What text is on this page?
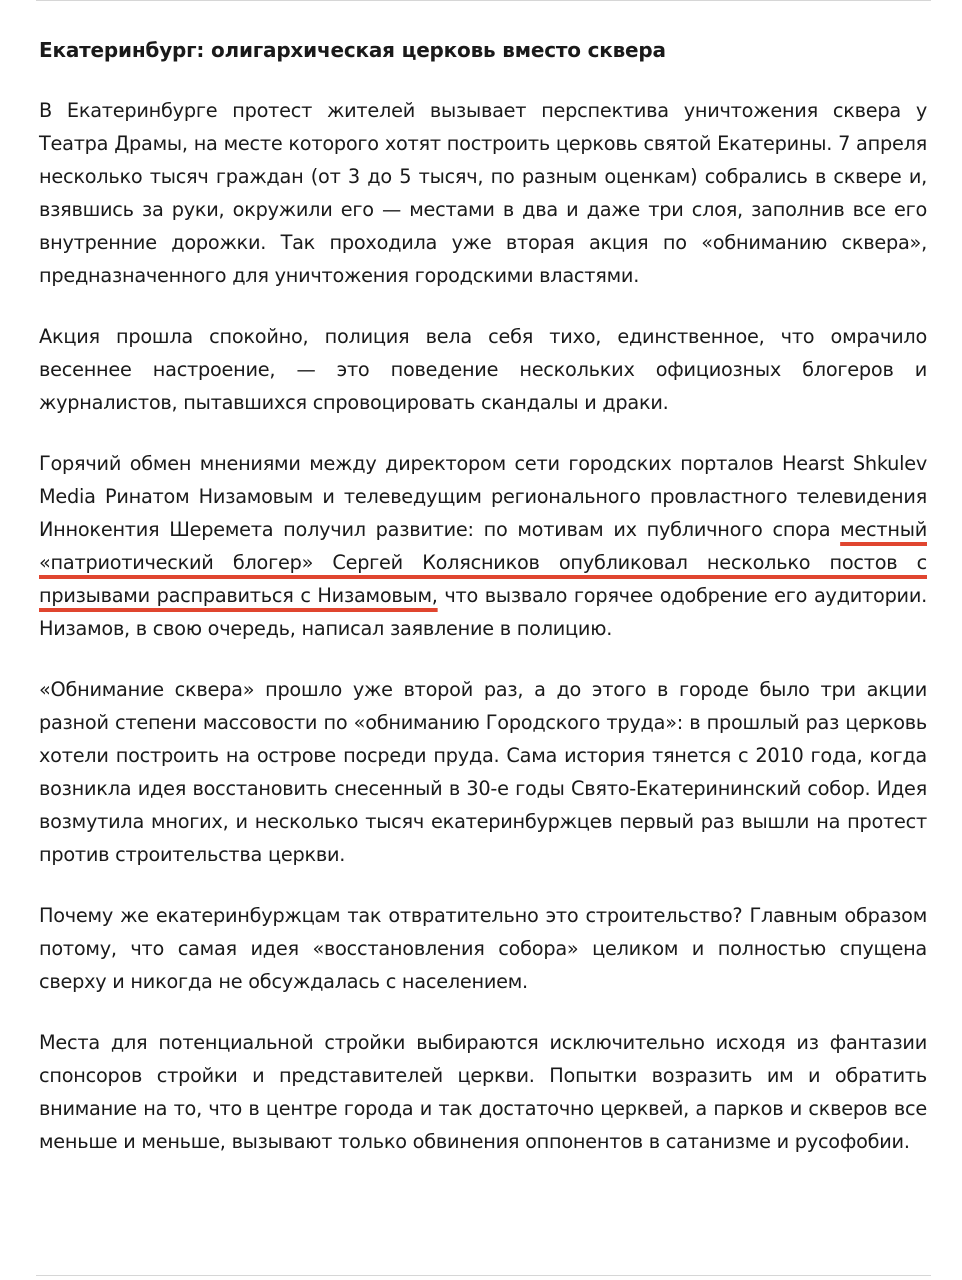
Екатеринбург: олигархическая церковь вместо сквера

В Екатеринбурге протест жителей вызывает перспектива уничтожения сквера у Театра Драмы, на месте которого хотят построить церковь святой Екатерины. 7 апреля несколько тысяч граждан (от 3 до 5 тысяч, по разным оценкам) собрались в сквере и, взявшись за руки, окружили его — местами в два и даже три слоя, заполнив все его внутренние дорожки. Так проходила уже вторая акция по «обниманию сквера», предназначенного для уничтожения городскими властями.

Акция прошла спокойно, полиция вела себя тихо, единственное, что омрачило весеннее настроение, — это поведение нескольких официозных блогеров и журналистов, пытавшихся спровоцировать скандалы и драки.

Горячий обмен мнениями между директором сети городских порталов Hearst Shkulev Media Ринатом Низамовым и телеведущим регионального провластного телевидения Иннокентия Шеремета получил развитие: по мотивам их публичного спора местный «патриотический блогер» Сергей Колясников опубликовал несколько постов с призывами расправиться с Низамовым, что вызвало горячее одобрение его аудитории. Низамов, в свою очередь, написал заявление в полицию.

«Обнимание сквера» прошло уже второй раз, а до этого в городе было три акции разной степени массовости по «обниманию Городского труда»: в прошлый раз церковь хотели построить на острове посреди пруда. Сама история тянется с 2010 года, когда возникла идея восстановить снесенный в 30-е годы Свято-Екатерининский собор. Идея возмутила многих, и несколько тысяч екатеринбуржцев первый раз вышли на протест против строительства церкви.

Почему же екатеринбуржцам так отвратительно это строительство? Главным образом потому, что самая идея «восстановления собора» целиком и полностью спущена сверху и никогда не обсуждалась с населением.

Места для потенциальной стройки выбираются исключительно исходя из фантазии спонсоров стройки и представителей церкви. Попытки возразить им и обратить внимание на то, что в центре города и так достаточно церквей, а парков и скверов все меньше и меньше, вызывают только обвинения оппонентов в сатанизме и русофобии.
